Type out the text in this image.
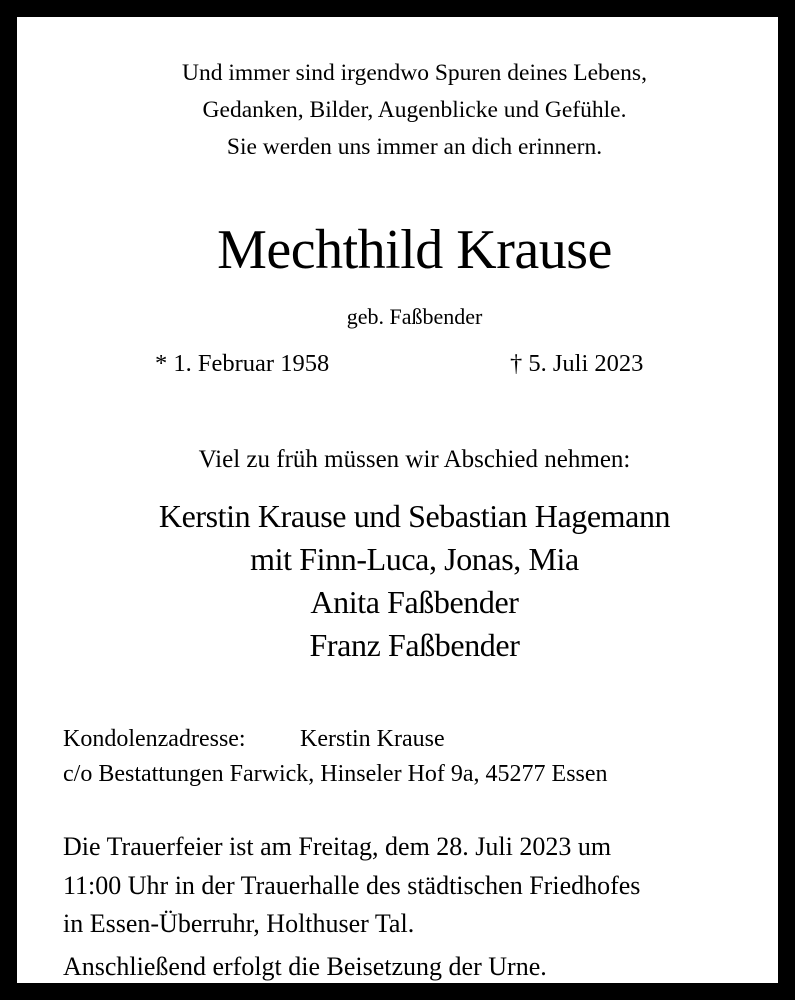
Und immer sind irgendwo Spuren deines Lebens,
Gedanken, Bilder, Augenblicke und Gefühle.
Sie werden uns immer an dich erinnern.
Mechthild Krause
geb. Faßbender
* 1. Februar 1958	† 5. Juli 2023
Viel zu früh müssen wir Abschied nehmen:
Kerstin Krause und Sebastian Hagemann
mit Finn-Luca, Jonas, Mia
Anita Faßbender
Franz Faßbender
Kondolenzadresse: Kerstin Krause
c/o Bestattungen Farwick, Hinseler Hof 9a, 45277 Essen
Die Trauerfeier ist am Freitag, dem 28. Juli 2023 um
11:00 Uhr in der Trauerhalle des städtischen Friedhofes
in Essen-Überruhr, Holthuser Tal.
Anschließend erfolgt die Beisetzung der Urne.
